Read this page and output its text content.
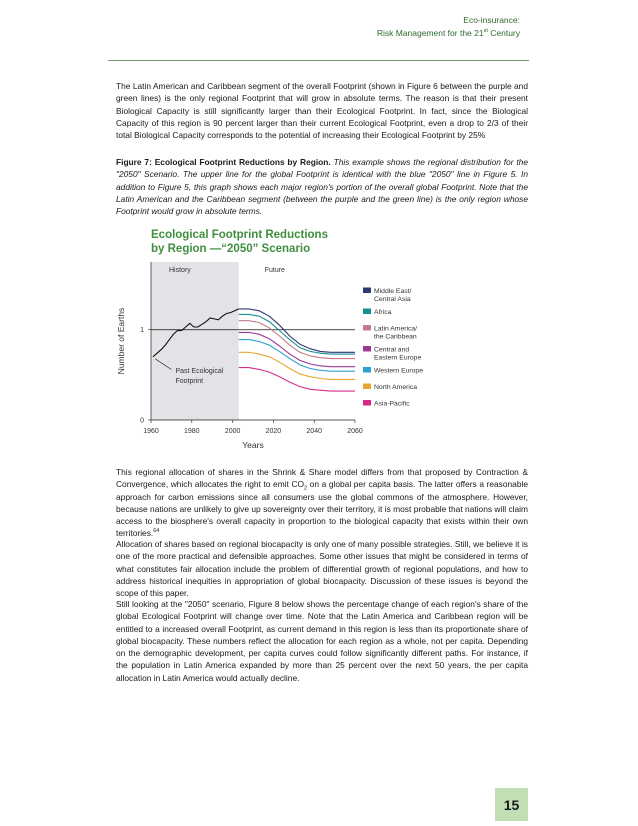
Eco-insurance:
Risk Management for the 21st Century

The Latin American and Caribbean segment of the overall Footprint (shown in Figure 6 between the purple and green lines) is the only regional Footprint that will grow in absolute terms. The reason is that their present Biological Capacity is still significantly larger than their Ecological Footprint. In fact, since the Biological Capacity of this region is 90 percent larger than their current Ecological Footprint, even a drop to 2/3 of their total Biological Capacity corresponds to the potential of increasing their Ecological Footprint by 25%

Figure 7: Ecological Footprint Reductions by Region. This example shows the regional distribution for the "2050" Scenario. The upper line for the global Footprint is identical with the blue "2050" line in Figure 5. In addition to Figure 5, this graph shows each major region's portion of the overall global Footprint. Note that the Latin American and the Caribbean segment (between the purple and the green line) is the only region whose Footprint would grow in absolute terms.

Ecological Footprint Reductions
by Region —“2050” Scenario
History	Future
0
1
1960	1980	2000	2020	2040	2060
Years
Number of Earths	Past Ecological
Footprint
Middle East/
Central Asia
Africa
Latin America/
the Caribbean
Central and
Eastern Europe
Western Europe
North America
Asia-Pacific

This regional allocation of shares in the Shrink & Share model differs from that proposed by Contraction & Convergence, which allocates the right to emit $CO_2$ on a global per capita basis. The latter offers a reasonable approach for carbon emissions since all consumers use the global commons of the atmosphere. However, because nations are unlikely to give up sovereignty over their territory, it is most probable that nations will claim access to the biosphere's overall capacity in proportion to the biological capacity that exists within their own territories.$^{64}$

Allocation of shares based on regional biocapacity is only one of many possible strategies. Still, we believe it is one of the more practical and defensible approaches. Some other issues that might be considered in terms of what constitutes fair allocation include the problem of differential growth of regional populations, and how to address historical inequities in appropriation of global biocapacity. Discussion of these issues is beyond the scope of this paper.

Still looking at the "2050" scenario, Figure 8 below shows the percentage change of each region's share of the global Ecological Footprint will change over time. Note that the Latin America and Caribbean region will be entitled to a increased overall Footprint, as current demand in this region is less than its proportionate share of global biocapacity. These numbers reflect the allocation for each region as a whole, not per capita. Depending on the demographic development, per capita curves could follow significantly different paths. For instance, if the population in Latin America expanded by more than 25 percent over the next 50 years, the per capita allocation in Latin America would actually decline.

15
